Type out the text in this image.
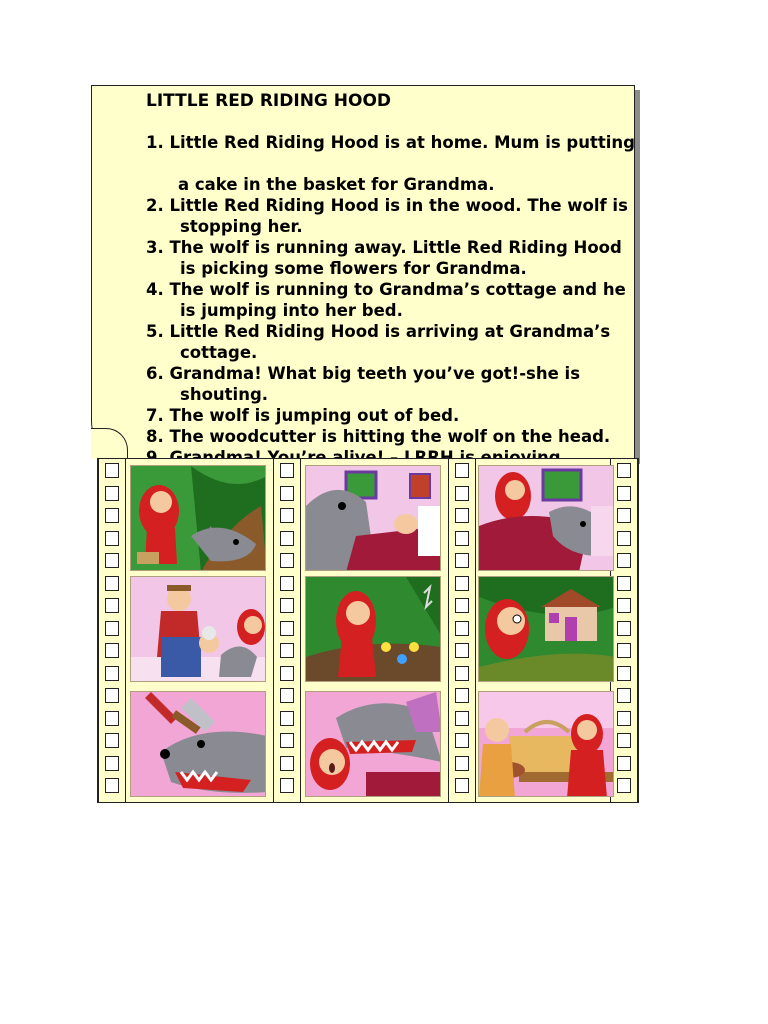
LITTLE RED RIDING HOOD
1. Little Red Riding Hood is at home. Mum is putting
a cake in the basket for Grandma.
2. Little Red Riding Hood is in the wood. The wolf is
stopping her.
3. The wolf is running away. Little Red Riding Hood
is picking some flowers for Grandma.
4. The wolf is running to Grandma’s cottage and he
is jumping into her bed.
5. Little Red Riding Hood is arriving at Grandma’s
cottage.
6. Grandma! What big teeth you’ve got!-she is
shouting.
7. The wolf is jumping out of bed.
8. The woodcutter is hitting the wolf on the head.
